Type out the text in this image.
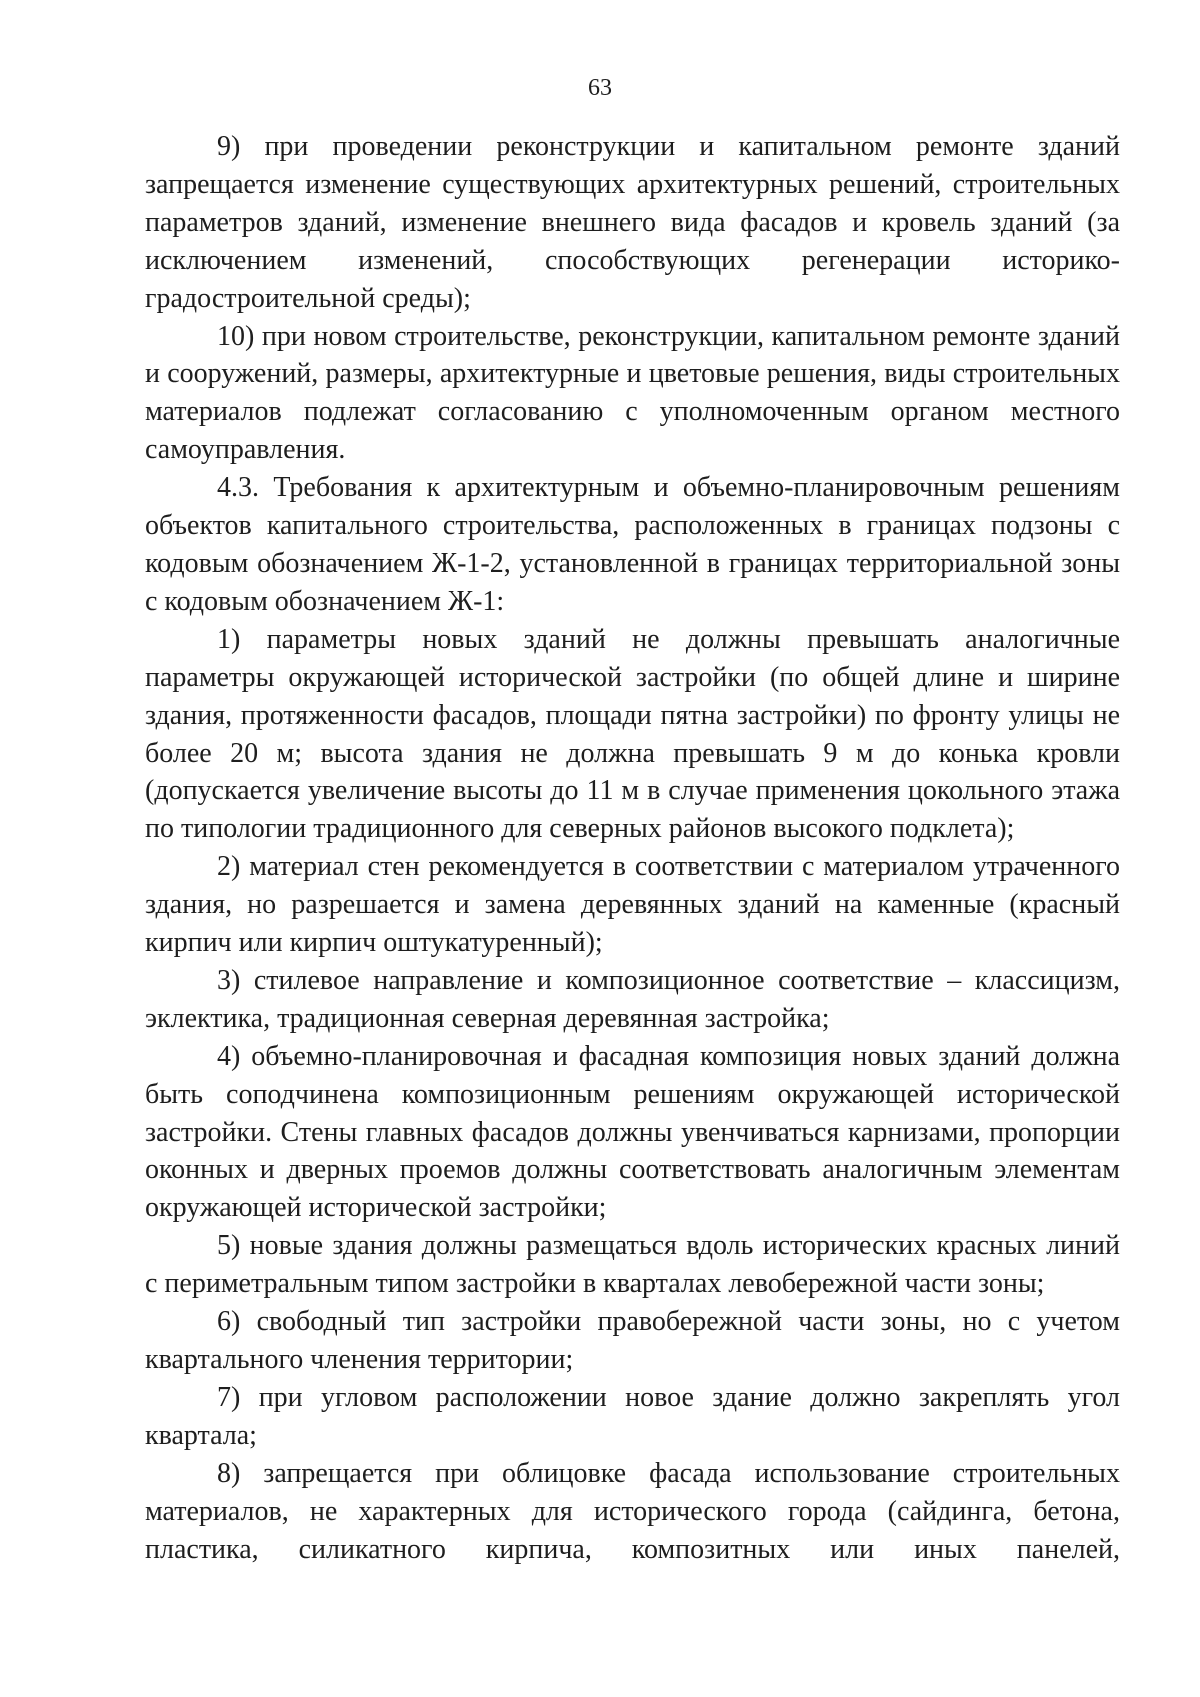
63

9) при проведении реконструкции и капитальном ремонте зданий запрещается изменение существующих архитектурных решений, строительных параметров зданий, изменение внешнего вида фасадов и кровель зданий (за исключением изменений, способствующих регенерации историко-градостроительной среды);

10) при новом строительстве, реконструкции, капитальном ремонте зданий и сооружений, размеры, архитектурные и цветовые решения, виды строительных материалов подлежат согласованию с уполномоченным органом местного самоуправления.

4.3. Требования к архитектурным и объемно-планировочным решениям объектов капитального строительства, расположенных в границах подзоны с кодовым обозначением Ж-1-2, установленной в границах территориальной зоны с кодовым обозначением Ж-1:

1) параметры новых зданий не должны превышать аналогичные параметры окружающей исторической застройки (по общей длине и ширине здания, протяженности фасадов, площади пятна застройки) по фронту улицы не более 20 м; высота здания не должна превышать 9 м до конька кровли (допускается увеличение высоты до 11 м в случае применения цокольного этажа по типологии традиционного для северных районов высокого подклета);

2) материал стен рекомендуется в соответствии с материалом утраченного здания, но разрешается и замена деревянных зданий на каменные (красный кирпич или кирпич оштукатуренный);

3) стилевое направление и композиционное соответствие – классицизм, эклектика, традиционная северная деревянная застройка;

4) объемно-планировочная и фасадная композиция новых зданий должна быть соподчинена композиционным решениям окружающей исторической застройки. Стены главных фасадов должны увенчиваться карнизами, пропорции оконных и дверных проемов должны соответствовать аналогичным элементам окружающей исторической застройки;

5) новые здания должны размещаться вдоль исторических красных линий с периметральным типом застройки в кварталах левобережной части зоны;

6) свободный тип застройки правобережной части зоны, но с учетом квартального членения территории;

7) при угловом расположении новое здание должно закреплять угол квартала;

8) запрещается при облицовке фасада использование строительных материалов, не характерных для исторического города (сайдинга, бетона, пластика, силикатного кирпича, композитных или иных панелей,
